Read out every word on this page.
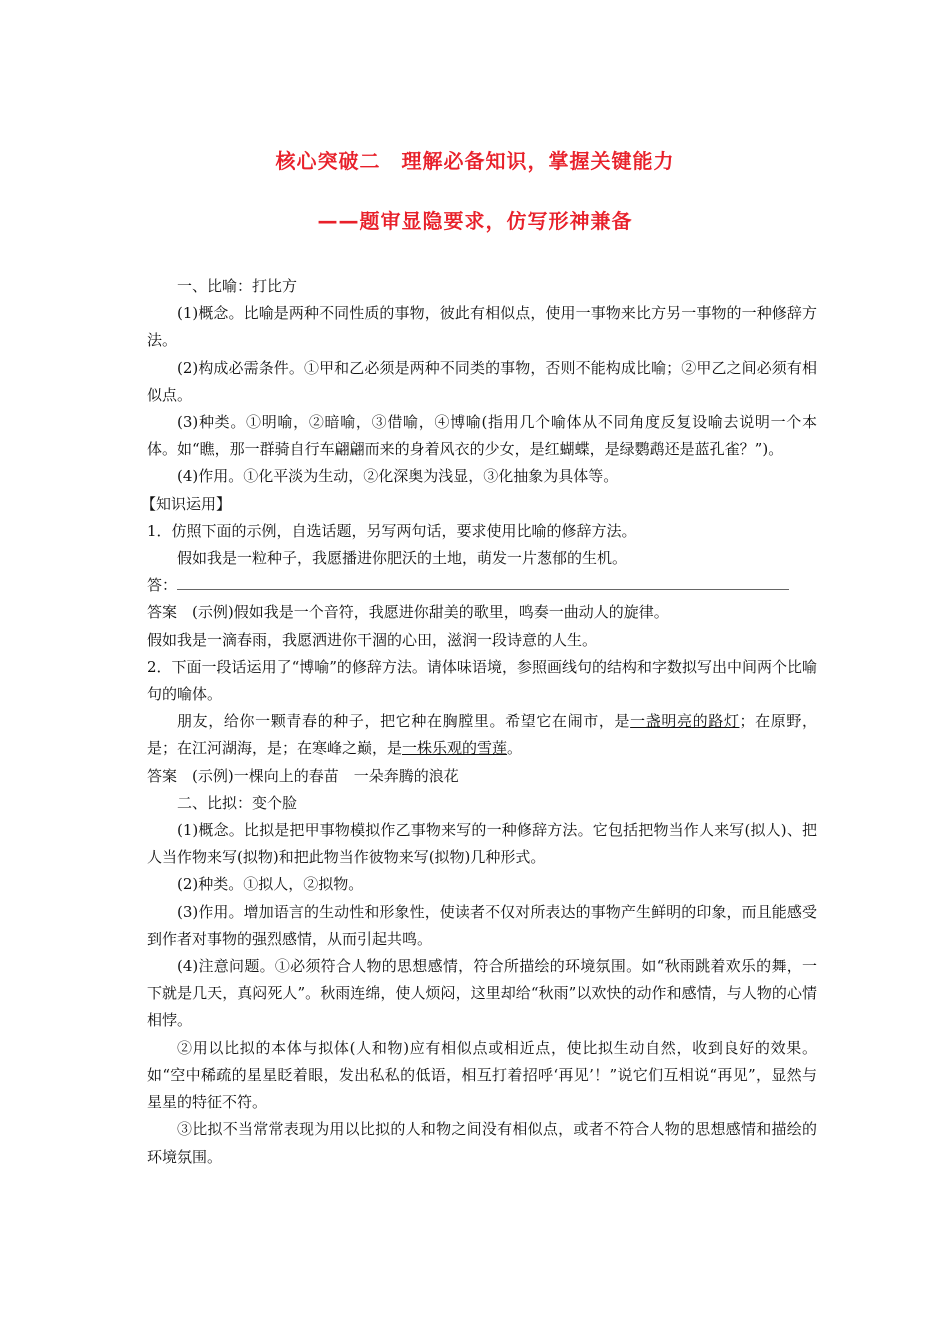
核心突破二　理解必备知识，掌握关键能力
——题审显隐要求，仿写形神兼备

一、比喻：打比方

(1)概念。比喻是两种不同性质的事物，彼此有相似点，使用一事物来比方另一事物的一种修辞方法。

(2)构成必需条件。①甲和乙必须是两种不同类的事物，否则不能构成比喻；②甲乙之间必须有相似点。

(3)种类。①明喻，②暗喻，③借喻，④博喻(指用几个喻体从不同角度反复设喻去说明一个本体。如“瞧，那一群骑自行车翩翩而来的身着风衣的少女，是红蝴蝶，是绿鹦鹉还是蓝孔雀？”)。

(4)作用。①化平淡为生动，②化深奥为浅显，③化抽象为具体等。

【知识运用】

1．仿照下面的示例，自选话题，另写两句话，要求使用比喻的修辞方法。

假如我是一粒种子，我愿播进你肥沃的土地，萌发一片葱郁的生机。

答：

答案　(示例)假如我是一个音符，我愿进你甜美的歌里，鸣奏一曲动人的旋律。

假如我是一滴春雨，我愿洒进你干涸的心田，滋润一段诗意的人生。

2．下面一段话运用了“博喻”的修辞方法。请体味语境，参照画线句的结构和字数拟写出中间两个比喻句的喻体。

朋友，给你一颗青春的种子，把它种在胸膛里。希望它在闹市，是一盏明亮的路灯；在原野，是；在江河湖海，是；在寒峰之巅，是一株乐观的雪莲。

答案　(示例)一棵向上的春苗　一朵奔腾的浪花

二、比拟：变个脸

(1)概念。比拟是把甲事物模拟作乙事物来写的一种修辞方法。它包括把物当作人来写(拟人)、把人当作物来写(拟物)和把此物当作彼物来写(拟物)几种形式。

(2)种类。①拟人，②拟物。

(3)作用。增加语言的生动性和形象性，使读者不仅对所表达的事物产生鲜明的印象，而且能感受到作者对事物的强烈感情，从而引起共鸣。

(4)注意问题。①必须符合人物的思想感情，符合所描绘的环境氛围。如“秋雨跳着欢乐的舞，一下就是几天，真闷死人”。秋雨连绵，使人烦闷，这里却给“秋雨”以欢快的动作和感情，与人物的心情相悖。

②用以比拟的本体与拟体(人和物)应有相似点或相近点，使比拟生动自然，收到良好的效果。如“空中稀疏的星星眨着眼，发出私私的低语，相互打着招呼‘再见’！”说它们互相说“再见”，显然与星星的特征不符。

③比拟不当常常表现为用以比拟的人和物之间没有相似点，或者不符合人物的思想感情和描绘的环境氛围。
